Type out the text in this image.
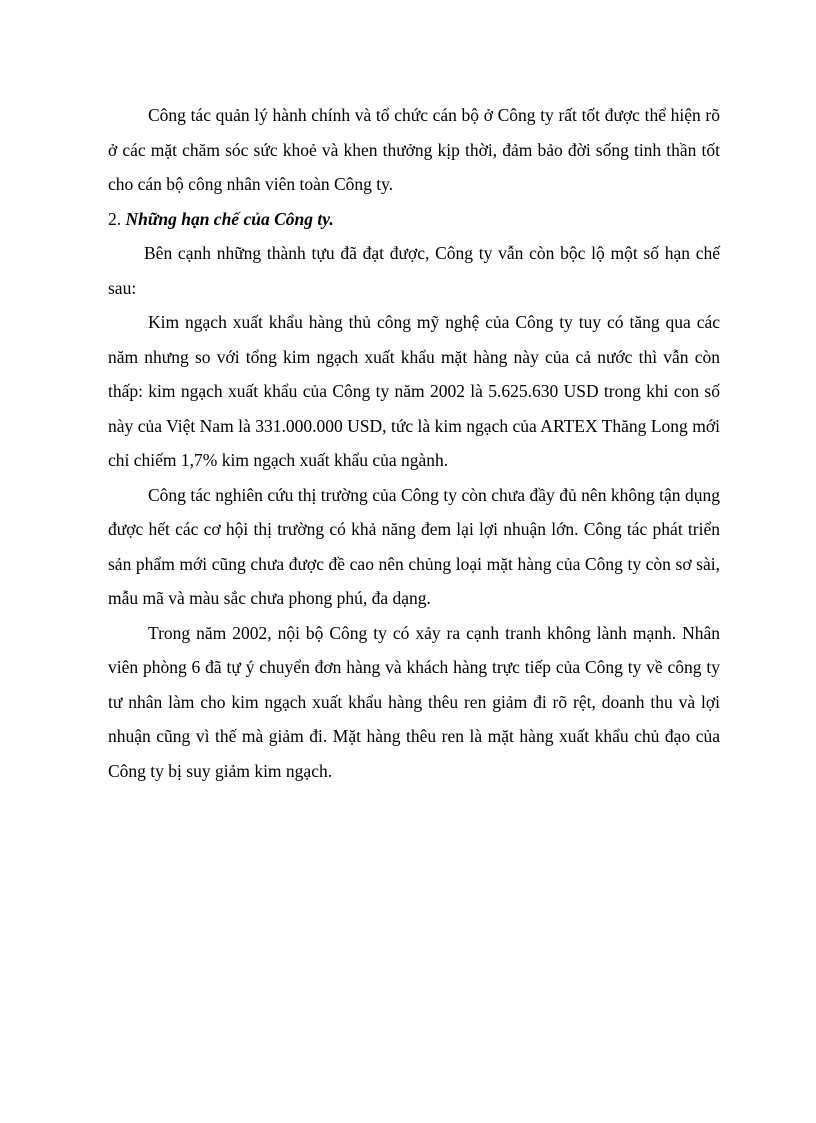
Công tác quản lý hành chính và tổ chức cán bộ ở Công ty rất tốt được thể hiện rõ ở các mặt chăm sóc sức khoẻ và khen thưởng kịp thời, đảm bảo đời sống tinh thần tốt cho cán bộ công nhân viên toàn Công ty.

2. Những hạn chế của Công ty.

Bên cạnh những thành tựu đã đạt được, Công ty vẫn còn bộc lộ một số hạn chế sau:

Kim ngạch xuất khẩu hàng thủ công mỹ nghệ của Công ty tuy có tăng qua các năm nhưng so với tổng kim ngạch xuất khẩu mặt hàng này của cả nước thì vẫn còn thấp: kim ngạch xuất khẩu của Công ty năm 2002 là 5.625.630 USD trong khi con số này của Việt Nam là 331.000.000 USD, tức là kim ngạch của ARTEX Thăng Long mới chỉ chiếm 1,7% kim ngạch xuất khẩu của ngành.

Công tác nghiên cứu thị trường của Công ty còn chưa đầy đủ nên không tận dụng được hết các cơ hội thị trường có khả năng đem lại lợi nhuận lớn. Công tác phát triển sản phẩm mới cũng chưa được đề cao nên chủng loại mặt hàng của Công ty còn sơ sài, mẫu mã và màu sắc chưa phong phú, đa dạng.

Trong năm 2002, nội bộ Công ty có xảy ra cạnh tranh không lành mạnh. Nhân viên phòng 6 đã tự ý chuyển đơn hàng và khách hàng trực tiếp của Công ty về công ty tư nhân làm cho kim ngạch xuất khẩu hàng thêu ren giảm đi rõ rệt, doanh thu và lợi nhuận cũng vì thế mà giảm đi. Mặt hàng thêu ren là mặt hàng xuất khẩu chủ đạo của Công ty bị suy giảm kim ngạch.
